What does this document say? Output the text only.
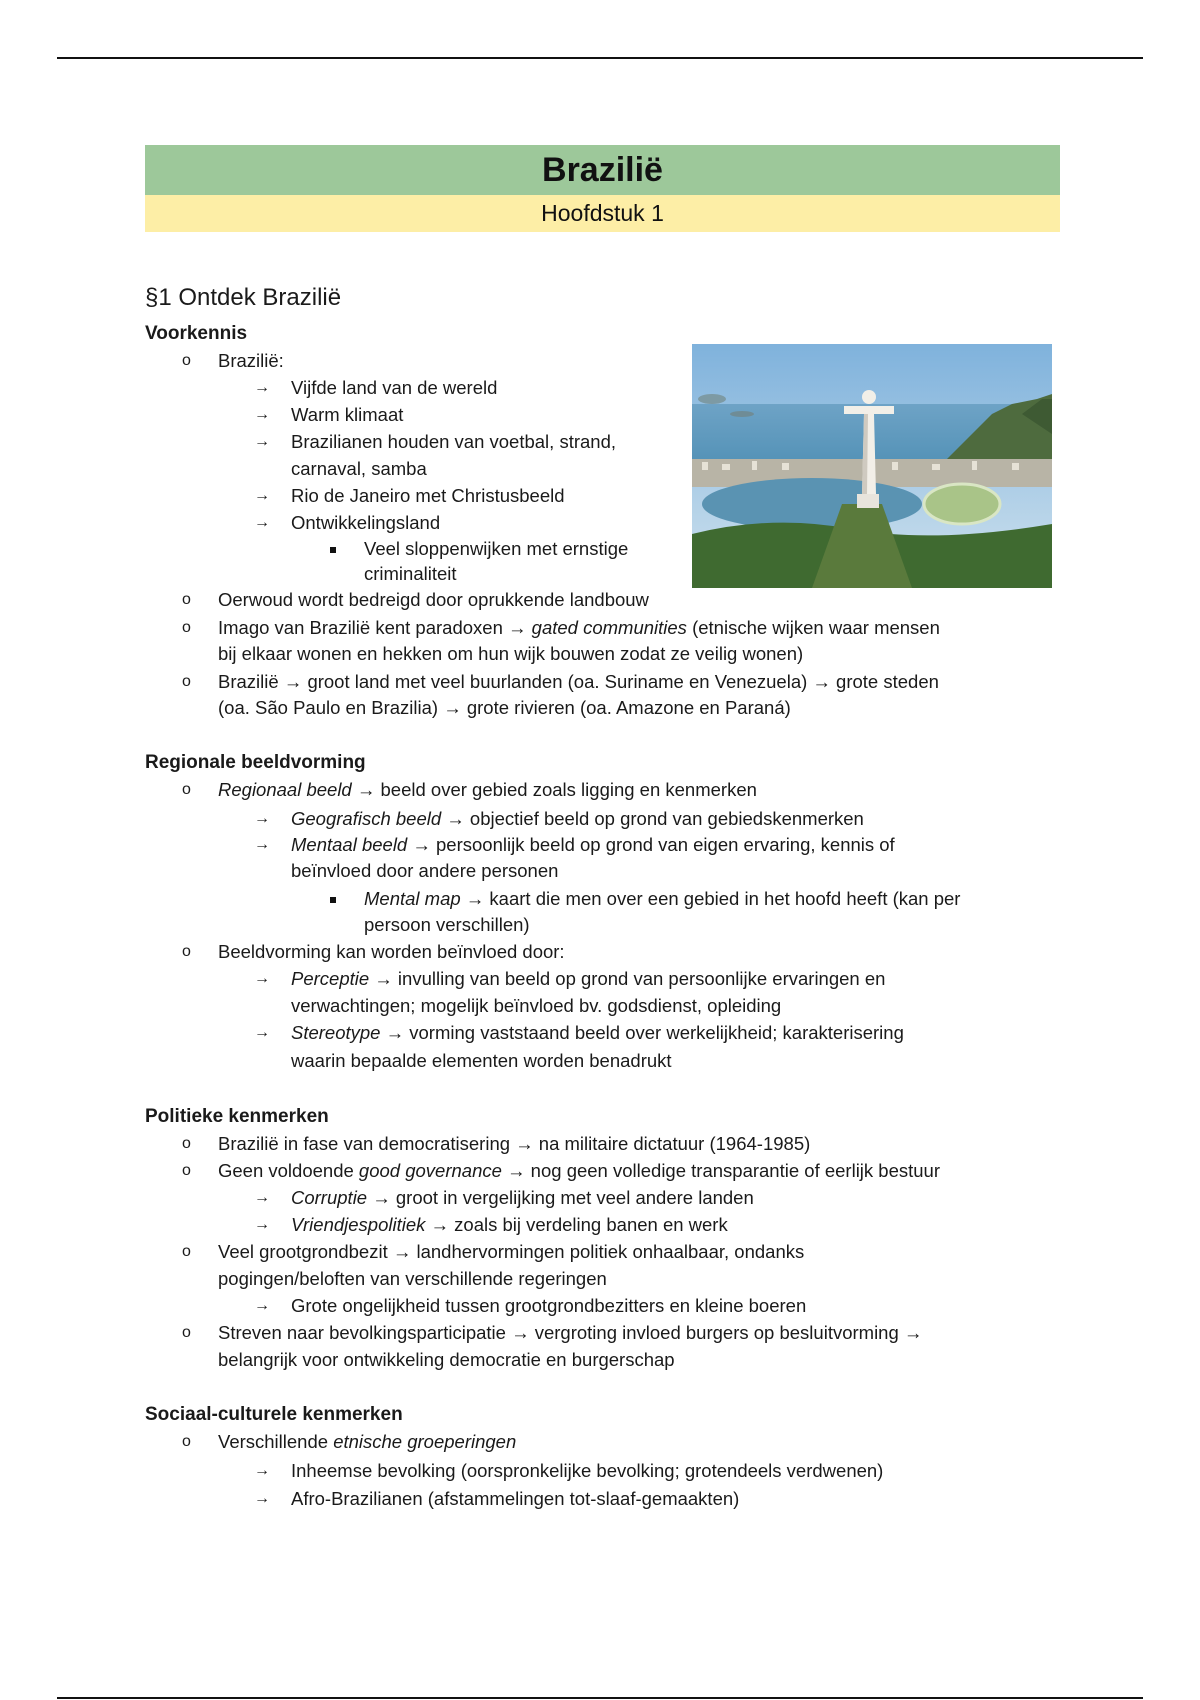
Brazilië
Hoofdstuk 1
§1 Ontdek Brazilië
Voorkennis
o Brazilië:
→ Vijfde land van de wereld
→ Warm klimaat
→ Brazilianen houden van voetbal, strand,
carnaval, samba
→ Rio de Janeiro met Christusbeeld
→ Ontwikkelingsland
Veel sloppenwijken met ernstige
criminaliteit
o Oerwoud wordt bedreigd door oprukkende landbouw
o Imago van Brazilië kent paradoxen → gated communities (etnische wijken waar mensen
bij elkaar wonen en hekken om hun wijk bouwen zodat ze veilig wonen)
o Brazilië → groot land met veel buurlanden (oa. Suriname en Venezuela) → grote steden
(oa. São Paulo en Brazilia) → grote rivieren (oa. Amazone en Paraná)
Regionale beeldvorming
o Regionaal beeld → beeld over gebied zoals ligging en kenmerken
→ Geografisch beeld → objectief beeld op grond van gebiedskenmerken
→ Mentaal beeld → persoonlijk beeld op grond van eigen ervaring, kennis of
beïnvloed door andere personen
Mental map → kaart die men over een gebied in het hoofd heeft (kan per
persoon verschillen)
o Beeldvorming kan worden beïnvloed door:
→ Perceptie → invulling van beeld op grond van persoonlijke ervaringen en
verwachtingen; mogelijk beïnvloed bv. godsdienst, opleiding
→ Stereotype → vorming vaststaand beeld over werkelijkheid; karakterisering
waarin bepaalde elementen worden benadrukt
Politieke kenmerken
o Brazilië in fase van democratisering → na militaire dictatuur (1964-1985)
o Geen voldoende good governance → nog geen volledige transparantie of eerlijk bestuur
→ Corruptie → groot in vergelijking met veel andere landen
→ Vriendjespolitiek → zoals bij verdeling banen en werk
o Veel grootgrondbezit → landhervormingen politiek onhaalbaar, ondanks
pogingen/beloften van verschillende regeringen
→ Grote ongelijkheid tussen grootgrondbezitters en kleine boeren
o Streven naar bevolkingsparticipatie → vergroting invloed burgers op besluitvorming →
belangrijk voor ontwikkeling democratie en burgerschap
Sociaal-culturele kenmerken
o Verschillende etnische groeperingen
→ Inheemse bevolking (oorspronkelijke bevolking; grotendeels verdwenen)
→ Afro-Brazilianen (afstammelingen tot-slaaf-gemaakten)
